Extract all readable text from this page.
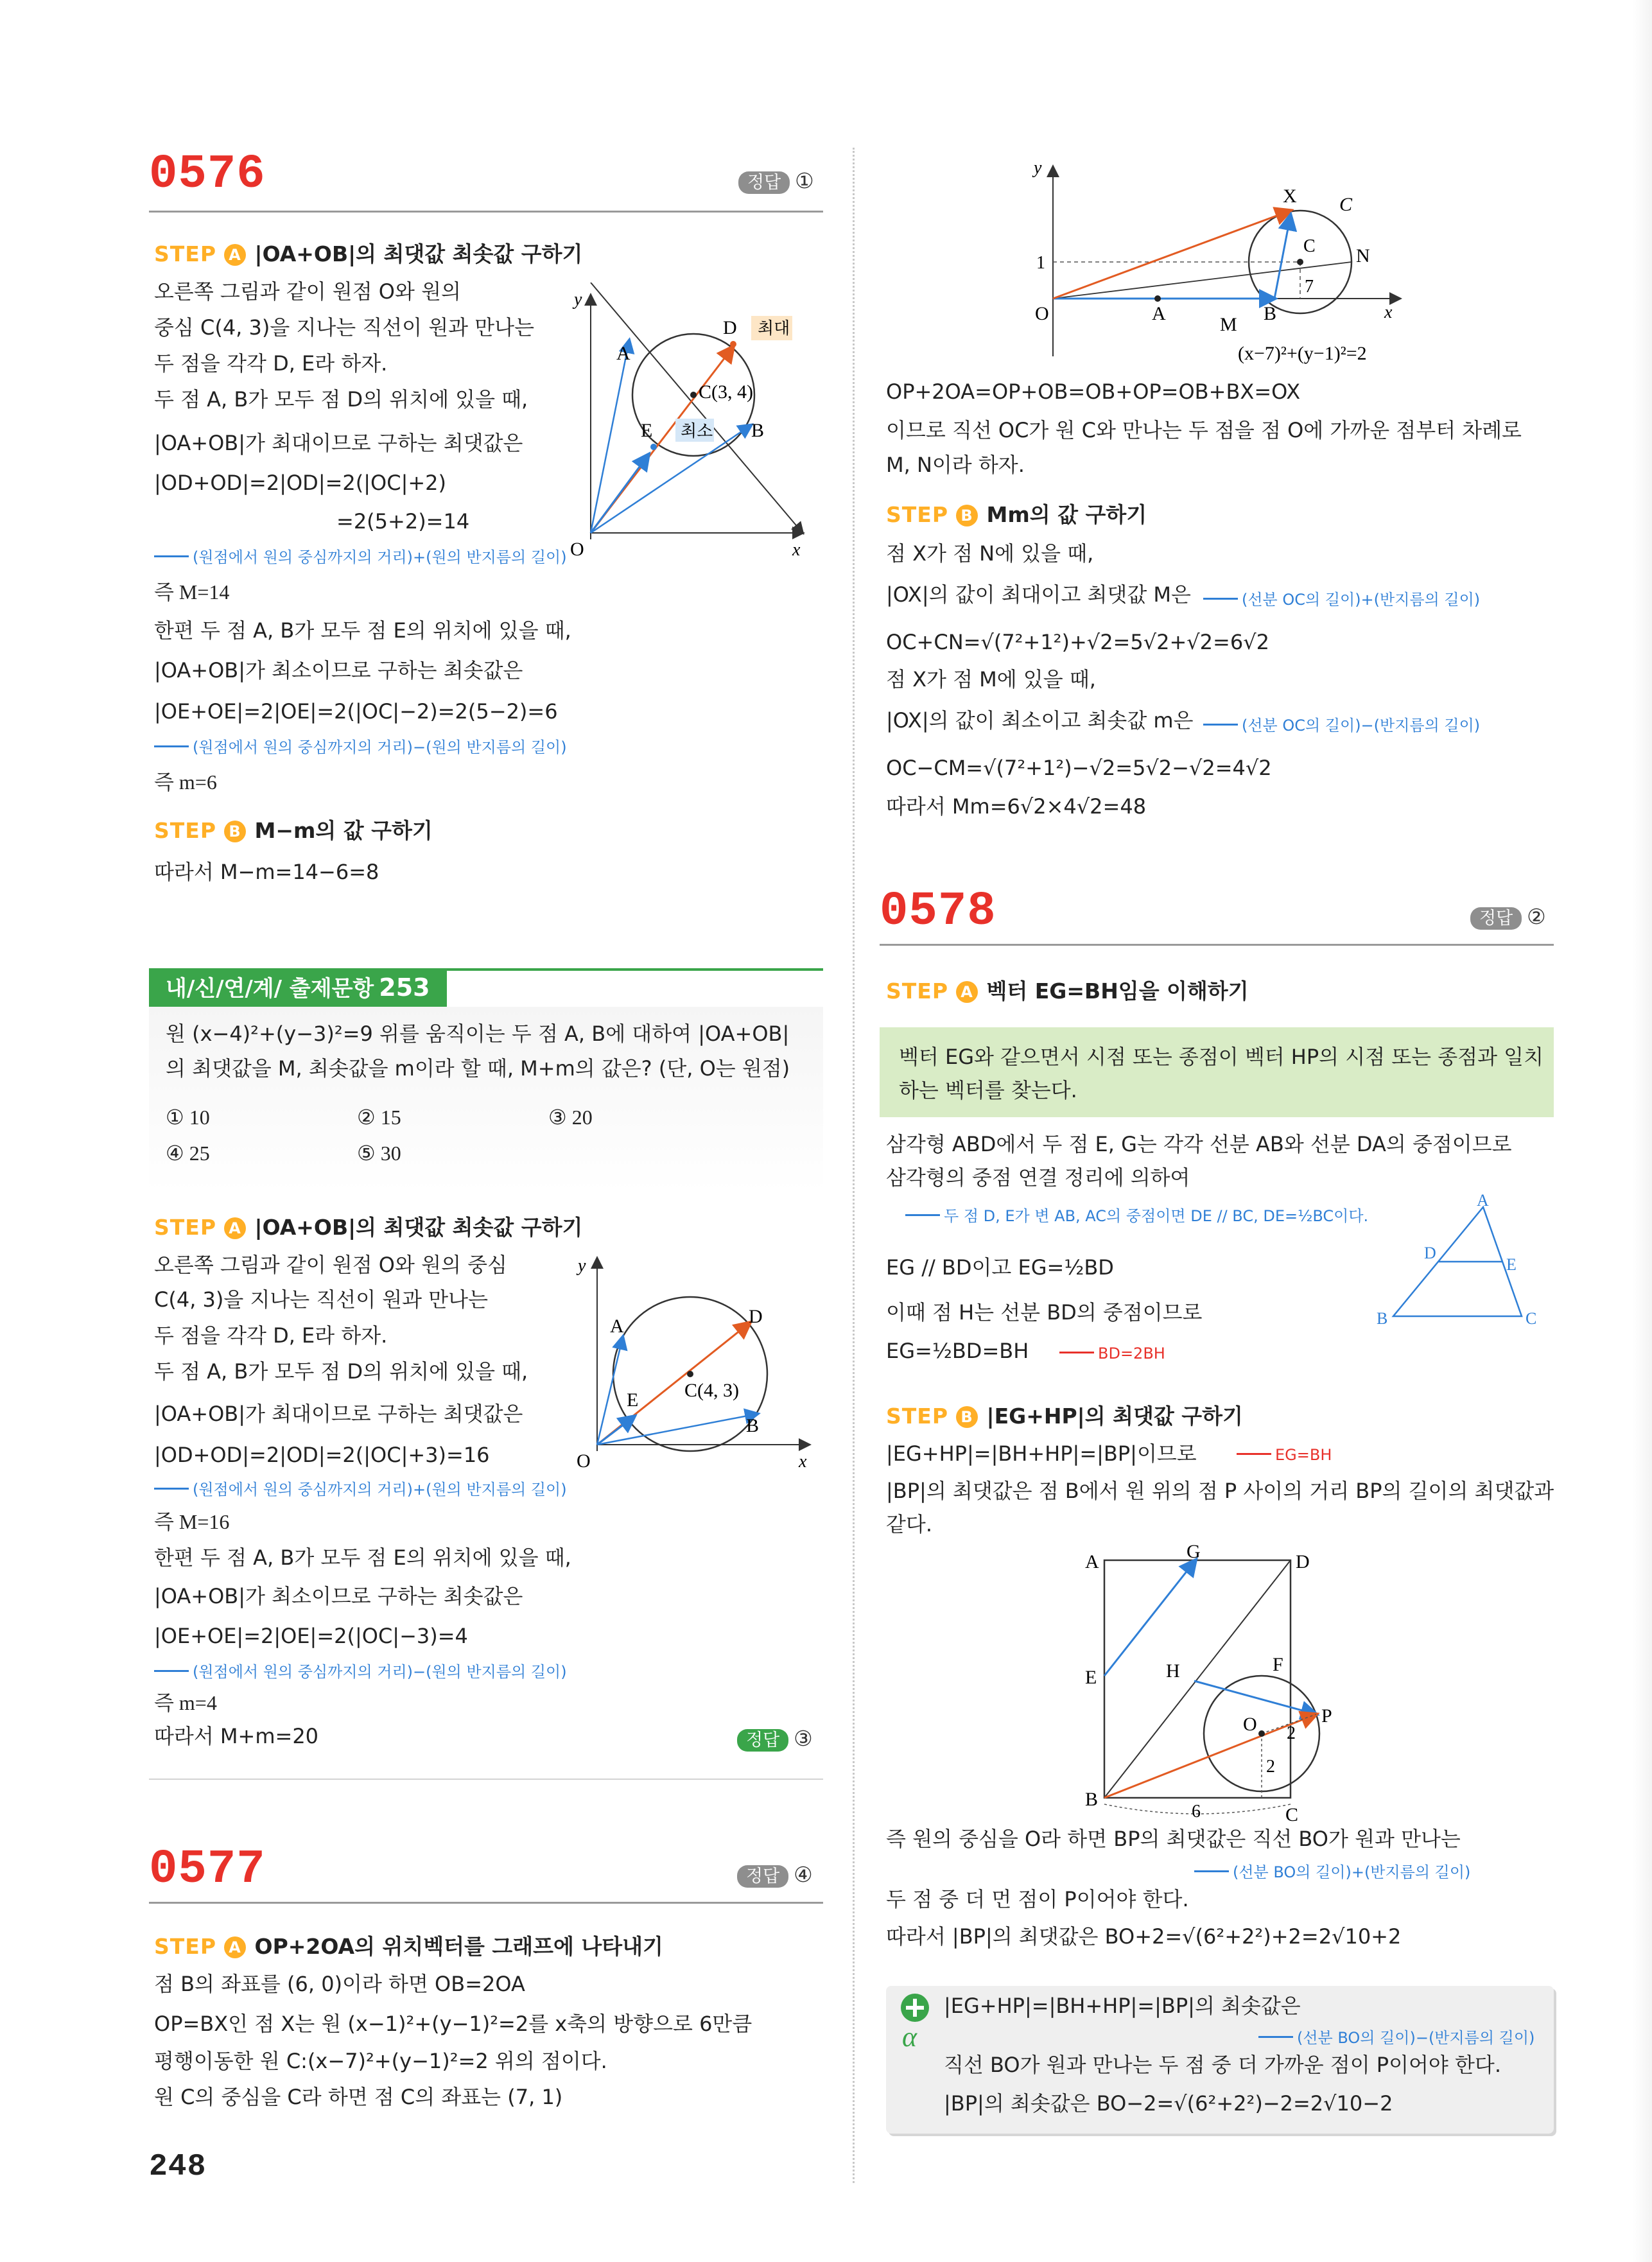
0576	정답 ①
STEP A |OA+OB|의 최댓값 최솟값 구하기
오른쪽 그림과 같이 원점 O와 원의
중심 C(4, 3)을 지나는 직선이 원과 만나는
두 점을 각각 D, E라 하자.
두 점 A, B가 모두 점 D의 위치에 있을 때,
|OA+OB|가 최대이므로 구하는 최댓값은
|OD+OD|=2|OD|=2(|OC|+2)
=2(5+2)=14
(원점에서 원의 중심까지의 거리)+(원의 반지름의 길이)
즉 M=14
한편 두 점 A, B가 모두 점 E의 위치에 있을 때,
|OA+OB|가 최소이므로 구하는 최솟값은
|OE+OE|=2|OE|=2(|OC|−2)=2(5−2)=6
(원점에서 원의 중심까지의 거리)−(원의 반지름의 길이)
즉 m=6
STEP B M−m의 값 구하기
따라서 M−m=14−6=8
y
x
O
A
B
D
E
C(3, 4)
최대
최소
내/신/연/계/ 출제문항 253
원 (x−4)²+(y−3)²=9 위를 움직이는 두 점 A, B에 대하여 |OA+OB|
의 최댓값을 M, 최솟값을 m이라 할 때, M+m의 값은? (단, O는 원점)
① 10	② 15	③ 20
④ 25	⑤ 30
STEP A |OA+OB|의 최댓값 최솟값 구하기
오른쪽 그림과 같이 원점 O와 원의 중심
C(4, 3)을 지나는 직선이 원과 만나는
두 점을 각각 D, E라 하자.
두 점 A, B가 모두 점 D의 위치에 있을 때,
|OA+OB|가 최대이므로 구하는 최댓값은
|OD+OD|=2|OD|=2(|OC|+3)=16
(원점에서 원의 중심까지의 거리)+(원의 반지름의 길이)
즉 M=16
한편 두 점 A, B가 모두 점 E의 위치에 있을 때,
|OA+OB|가 최소이므로 구하는 최솟값은
|OE+OE|=2|OE|=2(|OC|−3)=4
(원점에서 원의 중심까지의 거리)−(원의 반지름의 길이)
즉 m=4
따라서 M+m=20	정답 ③
y
x
O
A
B
D
E C(4, 3)
0577	정답 ④
STEP A OP+2OA의 위치벡터를 그래프에 나타내기
점 B의 좌표를 (6, 0)이라 하면 OB=2OA
OP=BX인 점 X는 원 (x−1)²+(y−1)²=2를 x축의 방향으로 6만큼
평행이동한 원 C:(x−7)²+(y−1)²=2 위의 점이다.
원 C의 중심을 C라 하면 점 C의 좌표는 (7, 1)
248
y
x
O	A	B
M
N
X C
C
1
7
(x−7)²+(y−1)²=2
OP+2OA=OP+OB=OB+OP=OB+BX=OX
이므로 직선 OC가 원 C와 만나는 두 점을 점 O에 가까운 점부터 차례로
M, N이라 하자.
STEP B Mm의 값 구하기
점 X가 점 N에 있을 때,
|OX|의 값이 최대이고 최댓값 M은	(선분 OC의 길이)+(반지름의 길이)
OC+CN=√(7²+1²)+√2=5√2+√2=6√2
점 X가 점 M에 있을 때,
|OX|의 값이 최소이고 최솟값 m은	(선분 OC의 길이)−(반지름의 길이)
OC−CM=√(7²+1²)−√2=5√2−√2=4√2
따라서 Mm=6√2×4√2=48
0578	정답 ②
STEP A 벡터 EG=BH임을 이해하기
벡터 EG와 같으면서 시점 또는 종점이 벡터 HP의 시점 또는 종점과 일치
하는 벡터를 찾는다.
삼각형 ABD에서 두 점 E, G는 각각 선분 AB와 선분 DA의 중점이므로
삼각형의 중점 연결 정리에 의하여
두 점 D, E가 변 AB, AC의 중점이면 DE // BC, DE=½BC이다.
EG // BD이고 EG=½BD
이때 점 H는 선분 BD의 중점이므로
EG=½BD=BH	BD=2BH
A
B	C
D
E
STEP B |EG+HP|의 최댓값 구하기
|EG+HP|=|BH+HP|=|BP|이므로	EG=BH
|BP|의 최댓값은 점 B에서 원 위의 점 P 사이의 거리 BP의 길이의 최댓값과
같다.
A
B
C
D
E
F
G
H
O	P
2
2
6
즉 원의 중심을 O라 하면 BP의 최댓값은 직선 BO가 원과 만나는
(선분 BO의 길이)+(반지름의 길이)
두 점 중 더 먼 점이 P이어야 한다.
따라서 |BP|의 최댓값은 BO+2=√(6²+2²)+2=2√10+2
α
|EG+HP|=|BH+HP|=|BP|의 최솟값은
(선분 BO의 길이)−(반지름의 길이)
직선 BO가 원과 만나는 두 점 중 더 가까운 점이 P이어야 한다.
|BP|의 최솟값은 BO−2=√(6²+2²)−2=2√10−2
